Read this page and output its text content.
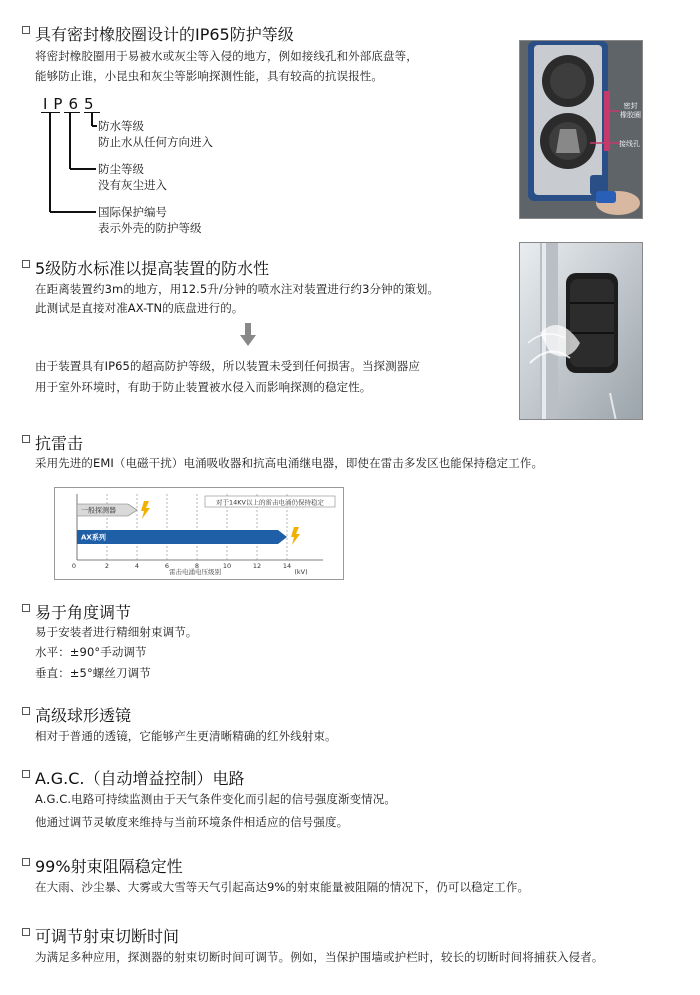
具有密封橡胶圈设计的IP65防护等级
将密封橡胶圈用于易被水或灰尘等入侵的地方，例如接线孔和外部底盘等，
能够防止谁，小昆虫和灰尘等影响探测性能，具有较高的抗误报性。
IP65
防水等级
防止水从任何方向进入
防尘等级
没有灰尘进入
国际保护编号
表示外壳的防护等级
密封
橡胶圈
接线孔
5级防水标准以提高装置的防水性
在距离装置约3m的地方，用12.5升/分钟的喷水注对装置进行约3分钟的策划。
此测试是直接对准AX-TN的底盘进行的。
由于装置具有IP65的超高防护等级，所以装置未受到任何损害。当探测器应
用于室外环境时，有助于防止装置被水侵入而影响探测的稳定性。
抗雷击
采用先进的EMI（电磁干扰）电涌吸收器和抗高电涌继电器，即使在雷击多发区也能保持稳定工作。
一般探测器
AX系列
0	2	4	6	8	10	12	14
对于14KV以上的雷击电涌仍保持稳定
雷击电涌电压级别	(kV)
易于角度调节
易于安装者进行精细射束调节。
水平：±90°手动调节
垂直：±5°螺丝刀调节
高级球形透镜
相对于普通的透镜，它能够产生更清晰精确的红外线射束。
A.G.C.（自动增益控制）电路
A.G.C.电路可持续监测由于天气条件变化而引起的信号强度渐变情况。
他通过调节灵敏度来维持与当前环境条件相适应的信号强度。
99%射束阻隔稳定性
在大雨、沙尘暴、大雾或大雪等天气引起高达9%的射束能量被阻隔的情况下，仍可以稳定工作。
可调节射束切断时间
为满足多种应用，探测器的射束切断时间可调节。例如，当保护围墙或护栏时，较长的切断时间将捕获入侵者。
